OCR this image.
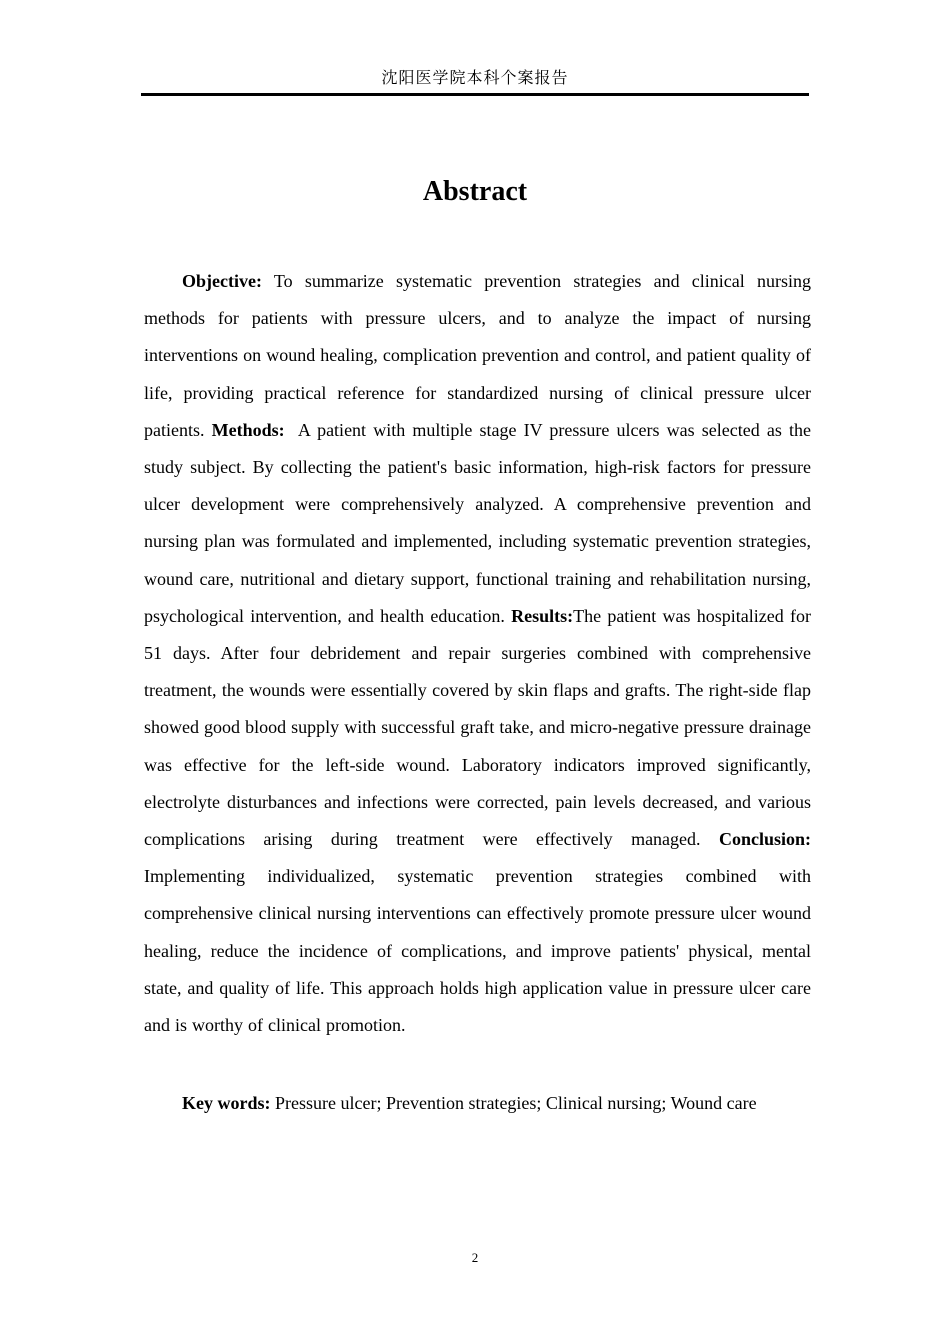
沈阳医学院本科个案报告
Abstract

Objective: To summarize systematic prevention strategies and clinical nursing methods for patients with pressure ulcers, and to analyze the impact of nursing interventions on wound healing, complication prevention and control, and patient quality of life, providing practical reference for standardized nursing of clinical pressure ulcer patients. Methods:  A patient with multiple stage IV pressure ulcers was selected as the study subject. By collecting the patient's basic information, high-risk factors for pressure ulcer development were comprehensively analyzed. A comprehensive prevention and nursing plan was formulated and implemented, including systematic prevention strategies, wound care, nutritional and dietary support, functional training and rehabilitation nursing, psychological intervention, and health education. Results:The patient was hospitalized for 51 days. After four debridement and repair surgeries combined with comprehensive treatment, the wounds were essentially covered by skin flaps and grafts. The right-side flap showed good blood supply with successful graft take, and micro-negative pressure drainage was effective for the left-side wound. Laboratory indicators improved significantly, electrolyte disturbances and infections were corrected, pain levels decreased, and various complications arising during treatment were effectively managed. Conclusion: Implementing individualized, systematic prevention strategies combined with comprehensive clinical nursing interventions can effectively promote pressure ulcer wound healing, reduce the incidence of complications, and improve patients' physical, mental state, and quality of life. This approach holds high application value in pressure ulcer care and is worthy of clinical promotion.

Key words: Pressure ulcer; Prevention strategies; Clinical nursing; Wound care

2
